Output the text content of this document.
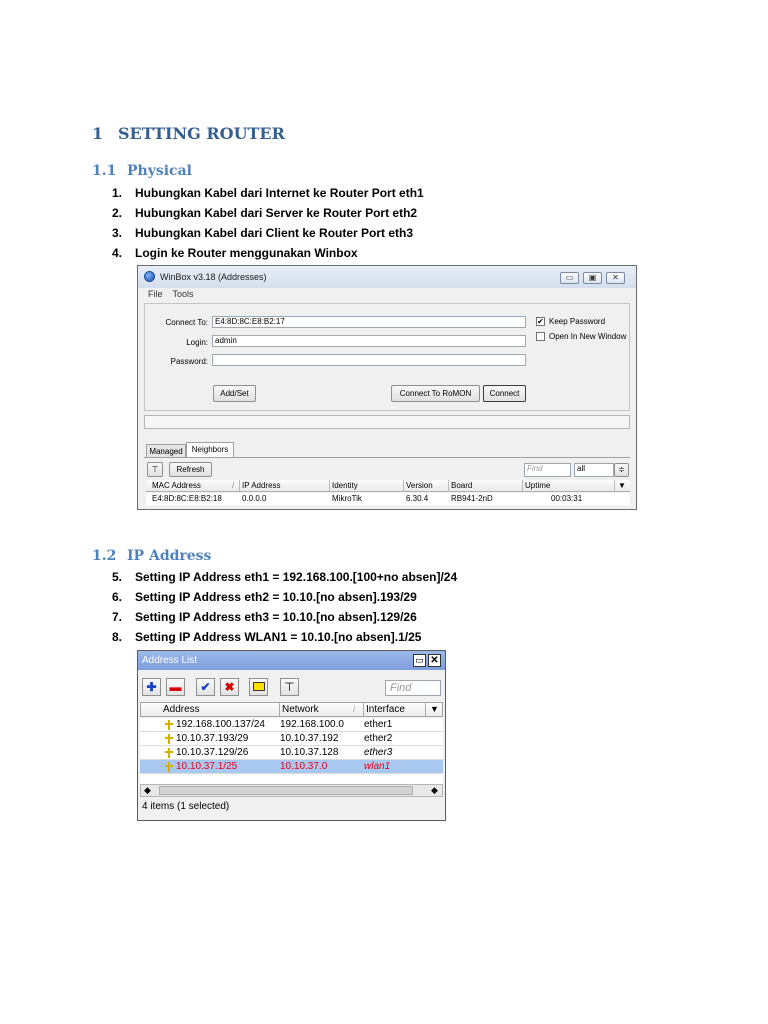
1 SETTING ROUTER
1.1 Physical
1. Hubungkan Kabel dari Internet ke Router Port eth1
2. Hubungkan Kabel dari Server ke Router Port eth2
3. Hubungkan Kabel dari Client ke Router Port eth3
4. Login ke Router menggunakan Winbox
WinBox v3.18 (Addresses)	▭	▣	✕
File Tools
Connect To: E4:8D:8C:E8:B2:17
Login: admin
Password:
✔ Keep Password
Open In New Window
Add/Set	Connect To RoMON	Connect
Managed	Neighbors
⊤	Refresh	Find	all	≑
MAC Address	/ IP Address	Identity	Version	Board	Uptime	▼
E4:8D:8C:E8:B2:18	0.0.0.0	MikroTik	6.30.4	RB941-2nD	00:03:31
1.2 IP Address
5. Setting IP Address eth1 = 192.168.100.[100+no absen]/24
6. Setting IP Address eth2 = 10.10.[no absen].193/29
7. Setting IP Address eth3 = 10.10.[no absen].129/26
8. Setting IP Address WLAN1 = 10.10.[no absen].1/25
Address List	▭ ✕
✚	▬	✔	✖	⊤	Find
Address	Network	/	Interface	▼
192.168.100.137/24 192.168.100.0 ether1
10.10.37.193/29	10.10.37.192	ether2
10.10.37.129/26	10.10.37.128	ether3
10.10.37.1/25	10.10.37.0	wlan1
◆	◆
4 items (1 selected)
